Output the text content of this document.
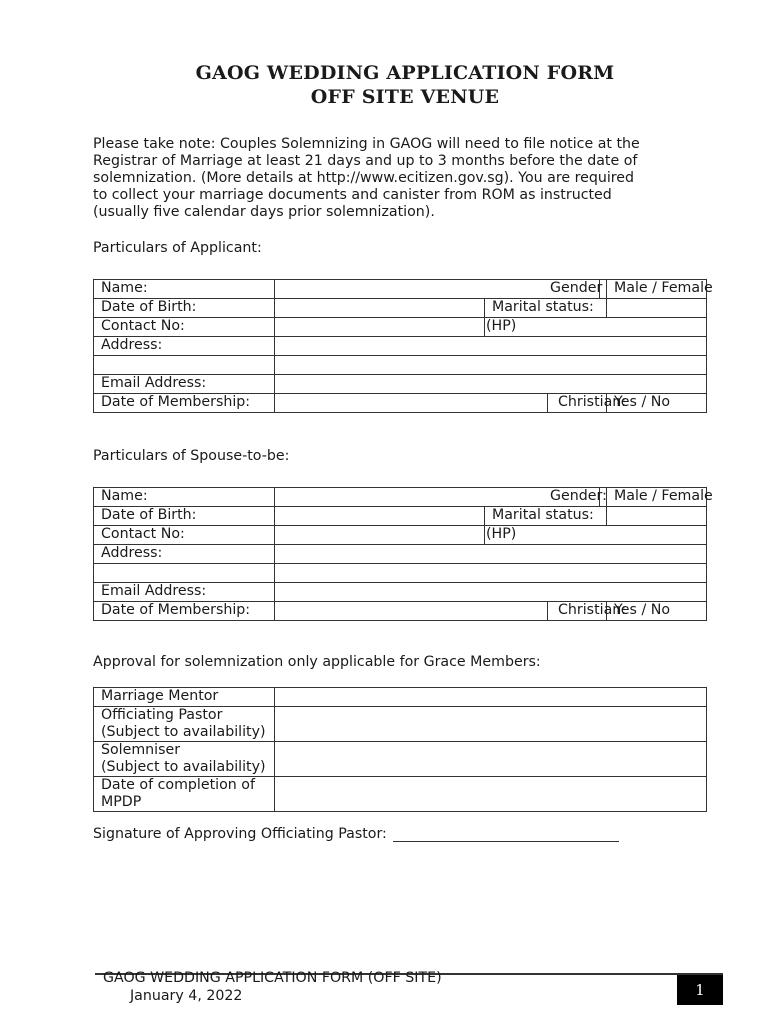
GAOG WEDDING APPLICATION FORM
OFF SITE VENUE

Please take note: Couples Solemnizing in GAOG will need to file notice at the
Registrar of Marriage at least 21 days and up to 3 months before the date of
solemnization. (More details at http://www.ecitizen.gov.sg). You are required
to collect your marriage documents and canister from ROM as instructed
(usually five calendar days prior solemnization).

Particulars of Applicant:
Name:				Gender	Male / Female
Date of Birth:		Marital status:			
Contact No:		(HP)			
Address:					

Email Address:					
Date of Membership:			Christian:		Yes / No
Particulars of Spouse-to-be:
Name:				Gender:	Male / Female
Date of Birth:		Marital status:			
Contact No:		(HP)			
Address:					

Email Address:					
Date of Membership:			Christian:		Yes / No
Approval for solemnization only applicable for Grace Members:
Marriage Mentor	
Officiating Pastor
(Subject to availability)	
Solemniser
(Subject to availability)	
Date of completion of
MPDP	
Signature of Approving Officiating Pastor:
GAOG WEDDING APPLICATION FORM (OFF SITE)
January 4, 2022	1
